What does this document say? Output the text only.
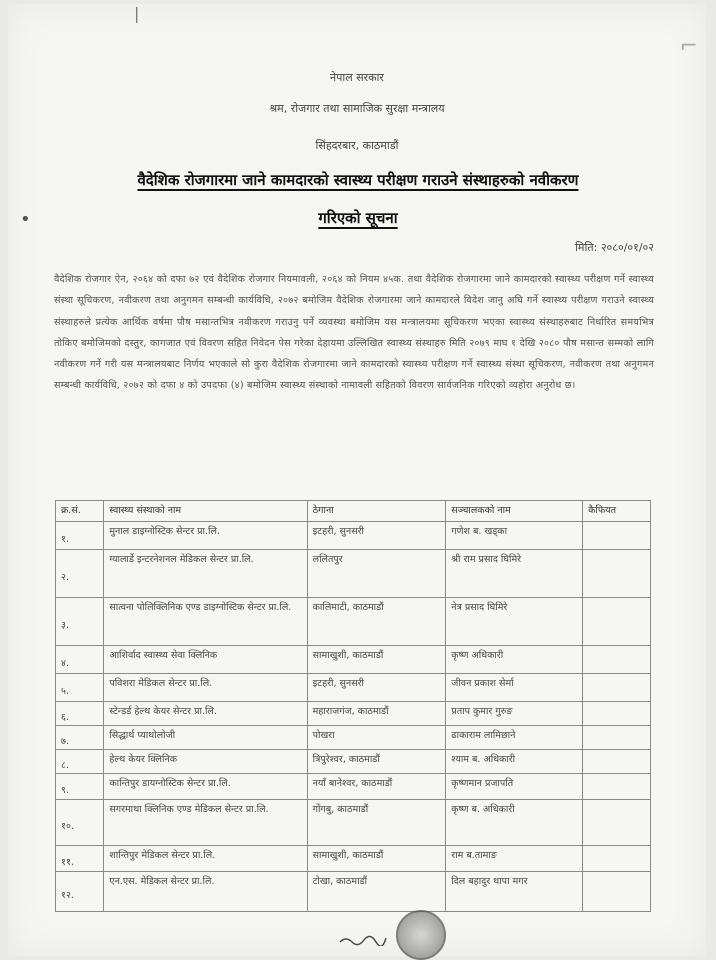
❘
⌐
•
नेपाल सरकार
श्रम, रोजगार तथा सामाजिक सुरक्षा मन्त्रालय
सिंहदरबार, काठमाडौं
वैदेशिक रोजगारमा जाने कामदारको स्वास्थ्य परीक्षण गराउने संस्थाहरुको नवीकरण
गरिएको सूचना
मिति: २०८०/०१/०२
वैदेशिक रोजगार ऐन, २०६४ को दफा ७२ एवं वैदेशिक रोजगार नियमावली, २०६४ को नियम ४५क. तथा वैदेशिक रोजगारमा जाने कामदारको स्वास्थ्य परीक्षण गर्ने स्वास्थ्य संस्था सूचिकरण, नवीकरण तथा अनुगमन सम्बन्धी कार्यविधि, २०७२ बमोजिम वैदेशिक रोजगारमा जाने कामदारले विदेश जानु अघि गर्ने स्वास्थ्य परीक्षण गराउने स्वास्थ्य संस्थाहरुले प्रत्येक आर्थिक वर्षमा पौष मसान्तभित्र नवीकरण गराउनु पर्ने व्यवस्था बमोजिम यस मन्त्रालयमा सूचिकरण भएका स्वास्थ्य संस्थाहरुबाट निर्धारित समयभित्र तोकिए बमोजिमको दस्तुर, कागजात एवं विवरण सहित निवेदन पेस गरेका देहायमा उल्लिखित स्वास्थ्य संस्थाहरु मिति २०७९ माघ १ देखि २०८० पौष मसान्त सम्मको लागि नवीकरण गर्ने गरी यस मन्त्रालयबाट निर्णय भएकाले सो कुरा वैदेशिक रोजगारमा जाने कामदारको स्वास्थ्य परीक्षण गर्ने स्वास्थ्य संस्था सूचिकरण, नवीकरण तथा अनुगमन सम्बन्धी कार्यविधि, २०७२ को दफा ४ को उपदफा (४) बमोजिम स्वास्थ्य संस्थाको नामावली सहितको विवरण सार्वजनिक गरिएको व्यहोरा अनुरोध छ।
क्र.सं.	स्वास्थ्य संस्थाको नाम	ठेगाना	सञ्चालकको नाम	कैफियत
१.	मुनाल डाइग्नोस्टिक सेन्टर प्रा.लि.	इटहरी, सुनसरी	गणेश ब. खड्का	
२.	ग्यालार्डे इन्टरनेशनल मेडिकल सेन्टर प्रा.लि.	ललितपुर	श्री राम प्रसाद घिमिरे	
३.	सात्वना पोलिक्लिनिक एण्ड डाइग्नोस्टिक सेन्टर प्रा.लि.	कालिमाटी, काठमाडौं	नेत्र प्रसाद घिमिरे	
४.	आशिर्वाद स्वास्थ्य सेवा क्लिनिक	सामाखुशी, काठमाडौं	कृष्ण अधिकारी	
५.	पविशरा मेडिकल सेन्टर प्रा.लि.	इटहरी, सुनसरी	जीवन प्रकाश सेर्मा	
६.	स्टेन्डर्ड हेल्थ केयर सेन्टर प्रा.लि.	महाराजगंज, काठमाडौं	प्रताप कुमार गुरुङ	
७.	सिद्धार्थ प्याथोलोजी	पोखरा	ढाकाराम लामिछाने	
८.	हेल्थ केयर क्लिनिक	त्रिपुरेश्वर, काठमाडौं	श्याम ब. अधिकारी	
९.	कान्तिपुर डायग्नोस्टिक सेन्टर प्रा.लि.	नयाँ बानेश्वर, काठमाडौं	कृष्णमान प्रजापति	
१०.	सगरमाथा क्लिनिक एण्ड मेडिकल सेन्टर प्रा.लि.	गोंगबु, काठमाडौं	कृष्ण ब. अधिकारी	
११.	शान्तिपुर मेडिकल सेन्टर प्रा.लि.	सामाखुशी, काठमाडौं	राम ब.तामाङ	
१२.	एन.एस. मेडिकल सेन्टर प्रा.लि.	टोखा, काठमाडौं	दिल बहादुर थापा मगर	
